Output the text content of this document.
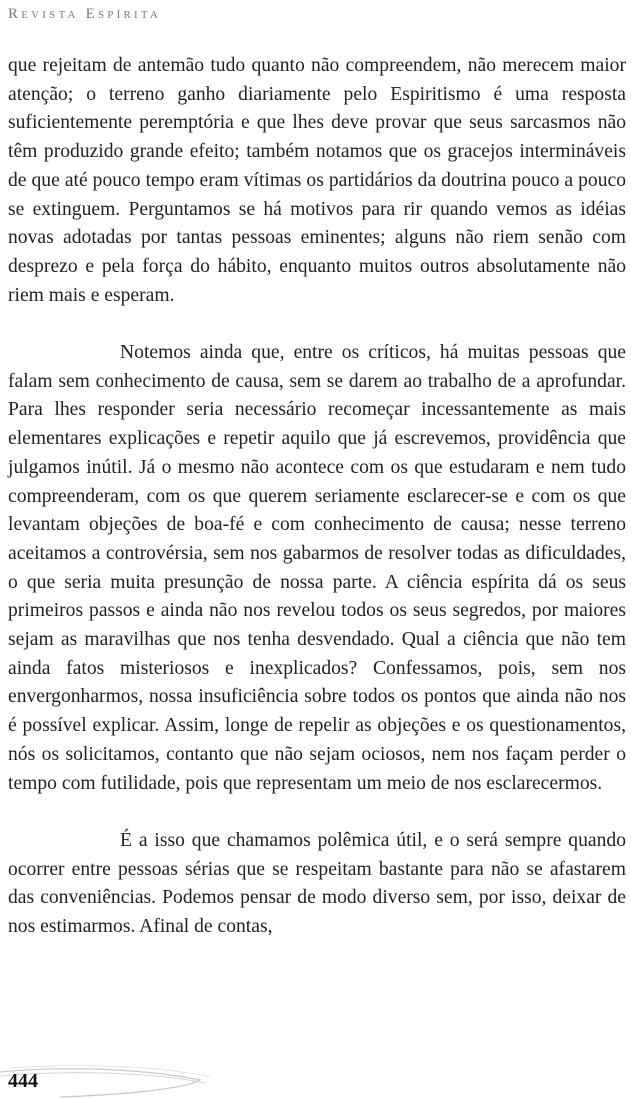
Revista Espírita

que rejeitam de antemão tudo quanto não compreendem, não merecem maior atenção; o terreno ganho diariamente pelo Espiritismo é uma resposta suficientemente peremptória e que lhes deve provar que seus sarcasmos não têm produzido grande efeito; também notamos que os gracejos intermináveis de que até pouco tempo eram vítimas os partidários da doutrina pouco a pouco se extinguem. Perguntamos se há motivos para rir quando vemos as idéias novas adotadas por tantas pessoas eminentes; alguns não riem senão com desprezo e pela força do hábito, enquanto muitos outros absolutamente não riem mais e esperam.

Notemos ainda que, entre os críticos, há muitas pessoas que falam sem conhecimento de causa, sem se darem ao trabalho de a aprofundar. Para lhes responder seria necessário recomeçar incessantemente as mais elementares explicações e repetir aquilo que já escrevemos, providência que julgamos inútil. Já o mesmo não acontece com os que estudaram e nem tudo compreenderam, com os que querem seriamente esclarecer-se e com os que levantam objeções de boa-fé e com conhecimento de causa; nesse terreno aceitamos a controvérsia, sem nos gabarmos de resolver todas as dificuldades, o que seria muita presunção de nossa parte. A ciência espírita dá os seus primeiros passos e ainda não nos revelou todos os seus segredos, por maiores sejam as maravilhas que nos tenha desvendado. Qual a ciência que não tem ainda fatos misteriosos e inexplicados? Confessamos, pois, sem nos envergonharmos, nossa insuficiência sobre todos os pontos que ainda não nos é possível explicar. Assim, longe de repelir as objeções e os questionamentos, nós os solicitamos, contanto que não sejam ociosos, nem nos façam perder o tempo com futilidade, pois que representam um meio de nos esclarecermos.

É a isso que chamamos polêmica útil, e o será sempre quando ocorrer entre pessoas sérias que se respeitam bastante para não se afastarem das conveniências. Podemos pensar de modo diverso sem, por isso, deixar de nos estimarmos. Afinal de contas,

444
